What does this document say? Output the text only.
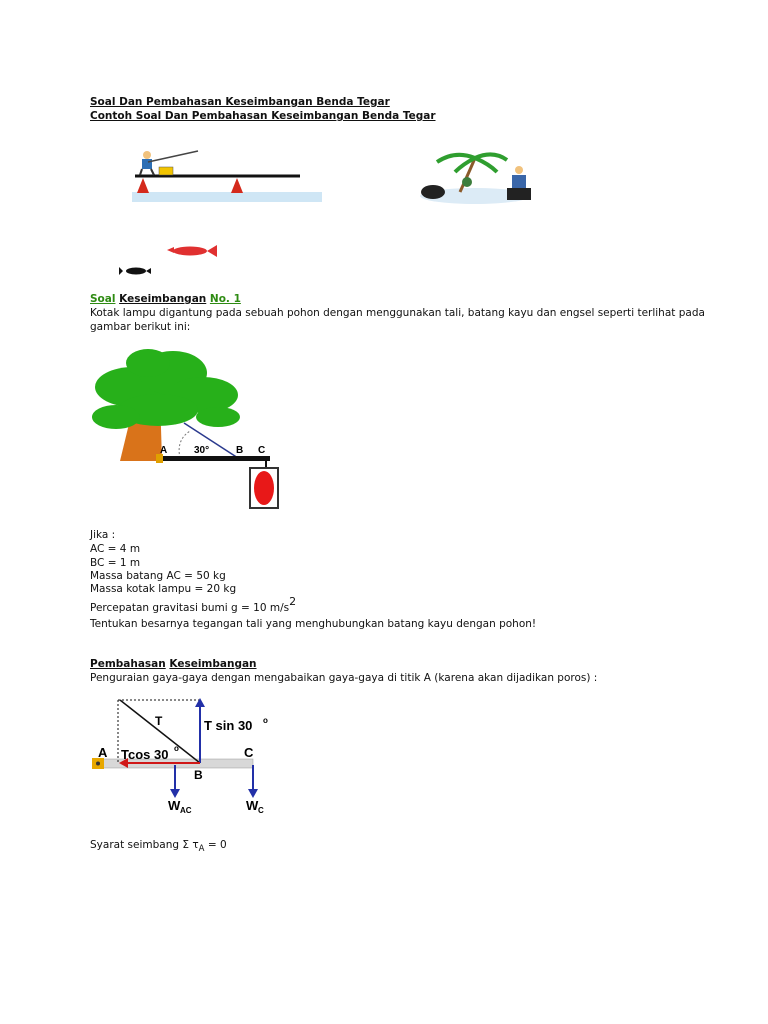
Soal Dan Pembahasan Keseimbangan Benda Tegar
Contoh Soal Dan Pembahasan Keseimbangan Benda Tegar
Soal Keseimbangan No. 1
Kotak lampu digantung pada sebuah pohon dengan menggunakan tali, batang kayu dan engsel seperti terlihat pada
gambar berikut ini:
A	30°	B C
Jika :
AC = 4 m
BC = 1 m
Massa batang AC = 50 kg
Massa kotak lampu = 20 kg
Percepatan gravitasi bumi g = 10 m/s2
Tentukan besarnya tegangan tali yang menghubungkan batang kayu dengan pohon!
Pembahasan Keseimbangan
Penguraian gaya-gaya dengan mengabaikan gaya-gaya di titik A (karena akan dijadikan poros) :
T	T sin 30 o
A Tcos 30 o	C
B
W AC	W C
Syarat seimbang Σ $\tau_A = 0$
